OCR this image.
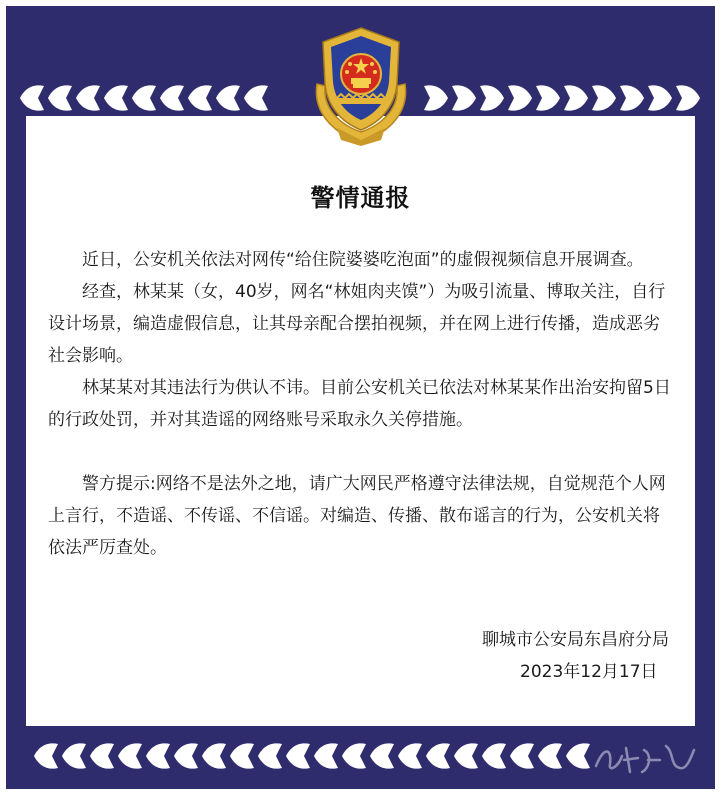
警情通报

近日，公安机关依法对网传“给住院婆婆吃泡面”的虚假视频信息开展调查。

经查，林某某（女，40岁，网名“林姐肉夹馍”）为吸引流量、博取关注，自行设计场景，编造虚假信息，让其母亲配合摆拍视频，并在网上进行传播，造成恶劣社会影响。

林某某对其违法行为供认不讳。目前公安机关已依法对林某某作出治安拘留5日的行政处罚，并对其造谣的网络账号采取永久关停措施。

警方提示:网络不是法外之地，请广大网民严格遵守法律法规，自觉规范个人网上言行，不造谣、不传谣、不信谣。对编造、传播、散布谣言的行为，公安机关将依法严厉查处。

聊城市公安局东昌府分局
2023年12月17日
